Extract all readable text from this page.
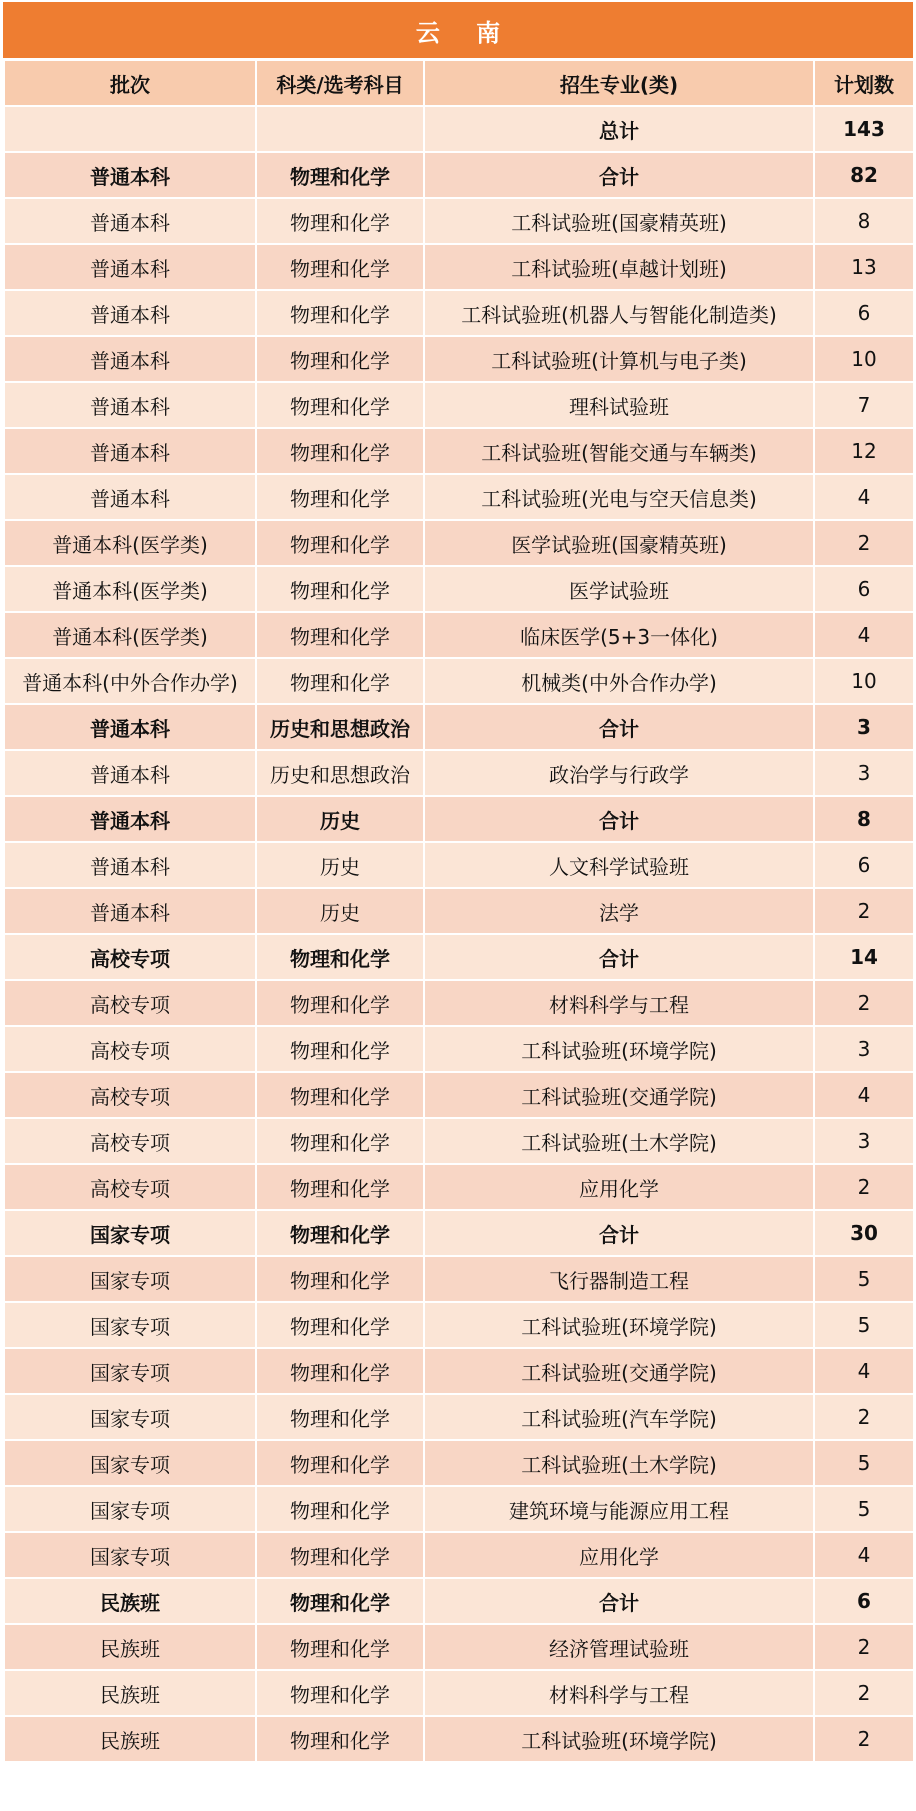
云 南
批次	科类/选考科目	招生专业(类)	计划数
		总计	143
普通本科	物理和化学	合计	82
普通本科	物理和化学	工科试验班(国豪精英班)	8
普通本科	物理和化学	工科试验班(卓越计划班)	13
普通本科	物理和化学	工科试验班(机器人与智能化制造类)	6
普通本科	物理和化学	工科试验班(计算机与电子类)	10
普通本科	物理和化学	理科试验班	7
普通本科	物理和化学	工科试验班(智能交通与车辆类)	12
普通本科	物理和化学	工科试验班(光电与空天信息类)	4
普通本科(医学类)	物理和化学	医学试验班(国豪精英班)	2
普通本科(医学类)	物理和化学	医学试验班	6
普通本科(医学类)	物理和化学	临床医学(5+3一体化)	4
普通本科(中外合作办学)	物理和化学	机械类(中外合作办学)	10
普通本科	历史和思想政治	合计	3
普通本科	历史和思想政治	政治学与行政学	3
普通本科	历史	合计	8
普通本科	历史	人文科学试验班	6
普通本科	历史	法学	2
高校专项	物理和化学	合计	14
高校专项	物理和化学	材料科学与工程	2
高校专项	物理和化学	工科试验班(环境学院)	3
高校专项	物理和化学	工科试验班(交通学院)	4
高校专项	物理和化学	工科试验班(土木学院)	3
高校专项	物理和化学	应用化学	2
国家专项	物理和化学	合计	30
国家专项	物理和化学	飞行器制造工程	5
国家专项	物理和化学	工科试验班(环境学院)	5
国家专项	物理和化学	工科试验班(交通学院)	4
国家专项	物理和化学	工科试验班(汽车学院)	2
国家专项	物理和化学	工科试验班(土木学院)	5
国家专项	物理和化学	建筑环境与能源应用工程	5
国家专项	物理和化学	应用化学	4
民族班	物理和化学	合计	6
民族班	物理和化学	经济管理试验班	2
民族班	物理和化学	材料科学与工程	2
民族班	物理和化学	工科试验班(环境学院)	2
